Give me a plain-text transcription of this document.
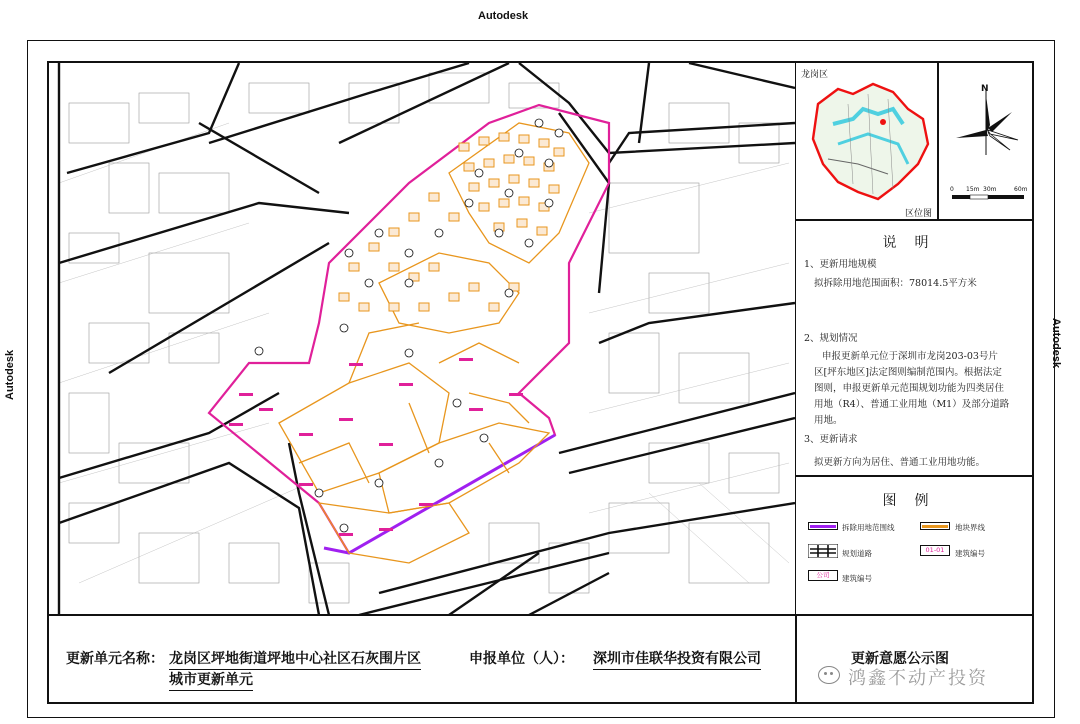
Autodesk
Autodesk
Autodesk
龙岗区
区位图
N
0 15m 30m	60m
说明
1、更新用地规模
拟拆除用地范围面积：78014.5平方米
2、规划情况
申报更新单元位于深圳市龙岗203-03号片
区[坪东地区]法定图则编制范围内。根据法定
图则，申报更新单元范围规划功能为四类居住
用地（R4）、普通工业用地（M1）及部分道路
用地。
3、更新请求
拟更新方向为居住、普通工业用地功能。
图例
拆除用地范围线	地块界线
规划道路	01-01	建筑编号
公司	建筑编号
更新单元名称： 龙岗区坪地街道坪地中心社区石灰围片区
城市更新单元
申报单位（人）： 深圳市佳联华投资有限公司	更新意愿公示图
鸿鑫不动产投资
